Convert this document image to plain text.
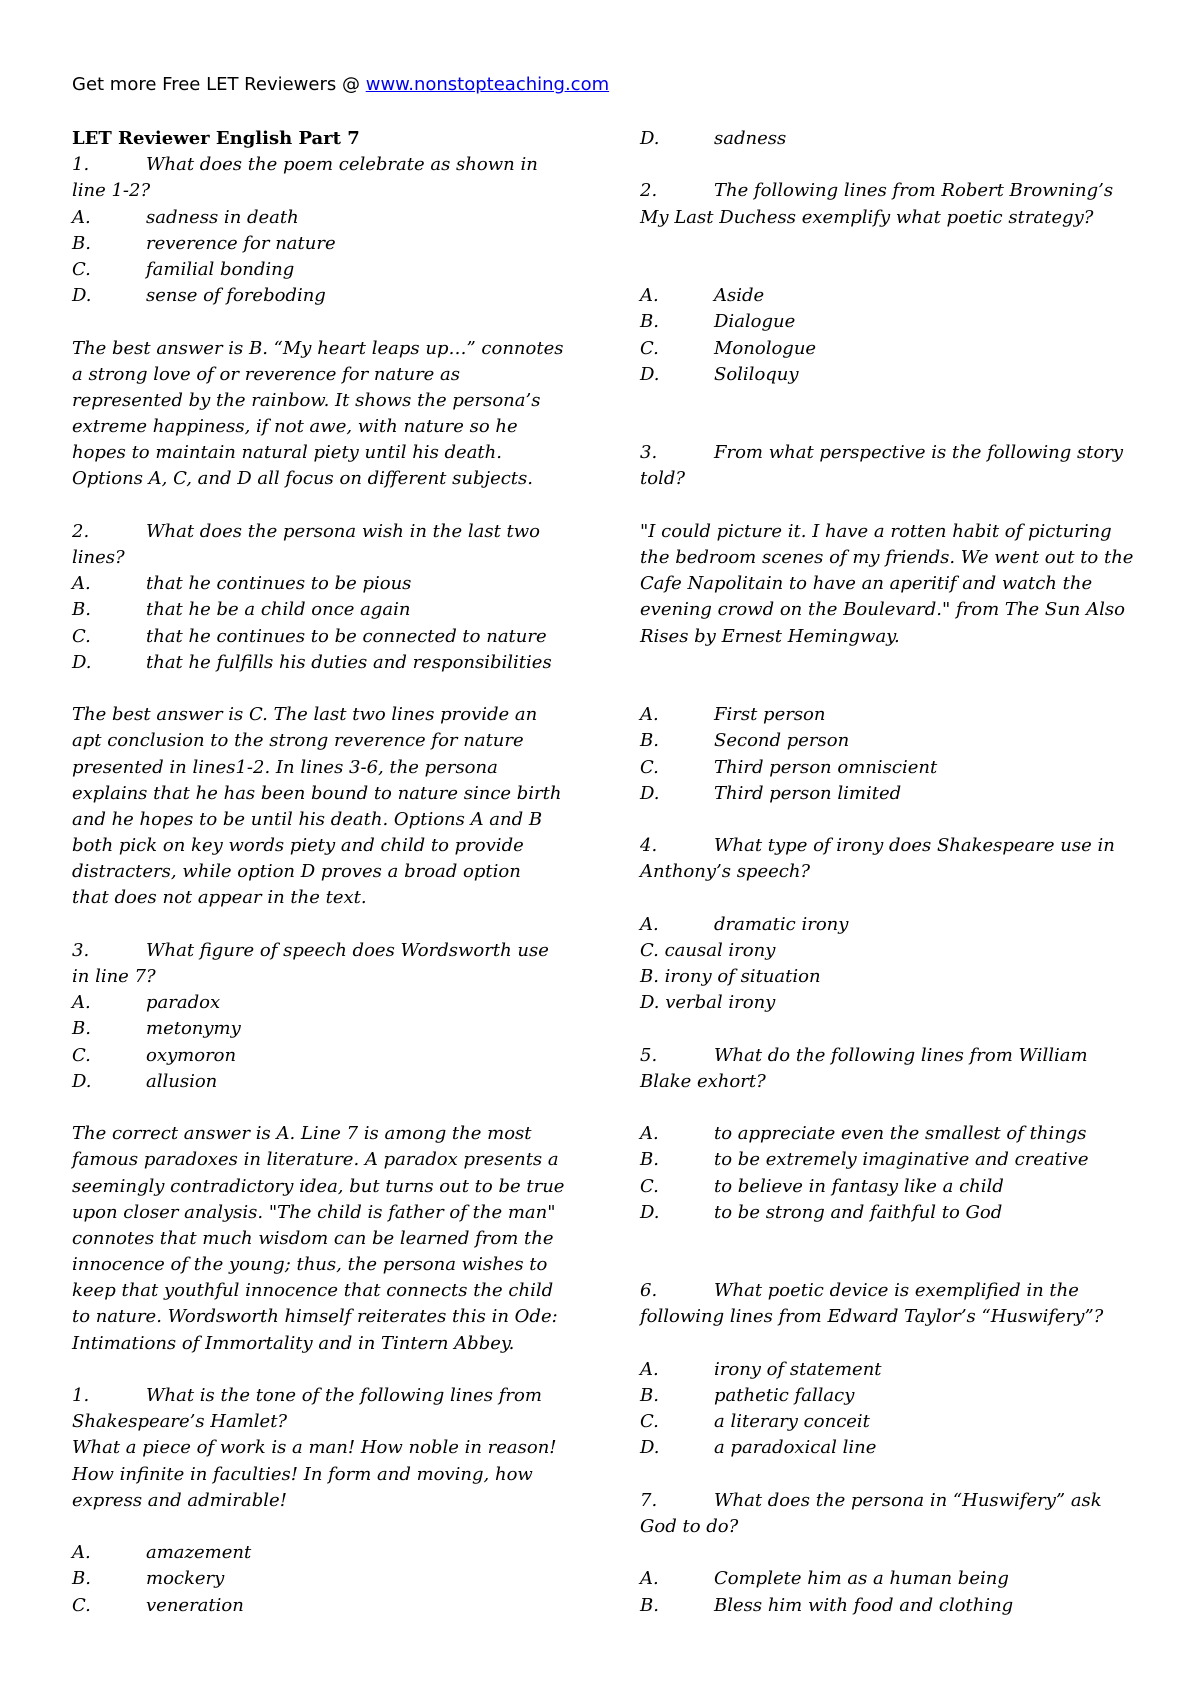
Get more Free LET Reviewers @ www.nonstopteaching.com
LET Reviewer English Part 7
1.	What does the poem celebrate as shown in
line 1-2?
A.	sadness in death
B.	reverence for nature
C.	familial bonding
D.	sense of foreboding
The best answer is B. “My heart leaps up…” connotes
a strong love of or reverence for nature as
represented by the rainbow. It shows the persona’s
extreme happiness, if not awe, with nature so he
hopes to maintain natural piety until his death.
Options A, C, and D all focus on different subjects.
2.	What does the persona wish in the last two
lines?
A.	that he continues to be pious
B.	that he be a child once again
C.	that he continues to be connected to nature
D.	that he fulfills his duties and responsibilities
The best answer is C. The last two lines provide an
apt conclusion to the strong reverence for nature
presented in lines1-2. In lines 3-6, the persona
explains that he has been bound to nature since birth
and he hopes to be until his death. Options A and B
both pick on key words piety and child to provide
distracters, while option D proves a broad option
that does not appear in the text.
3.	What figure of speech does Wordsworth use
in line 7?
A.	paradox
B.	metonymy
C.	oxymoron
D.	allusion
The correct answer is A. Line 7 is among the most
famous paradoxes in literature. A paradox presents a
seemingly contradictory idea, but turns out to be true
upon closer analysis. "The child is father of the man"
connotes that much wisdom can be learned from the
innocence of the young; thus, the persona wishes to
keep that youthful innocence that connects the child
to nature. Wordsworth himself reiterates this in Ode:
Intimations of Immortality and in Tintern Abbey.
1.	What is the tone of the following lines from
Shakespeare’s Hamlet?
What a piece of work is a man! How noble in reason!
How infinite in faculties! In form and moving, how
express and admirable!
A.	amazement
B.	mockery
C.	veneration
D.	sadness
2.	The following lines from Robert Browning’s
My Last Duchess exemplify what poetic strategy?
A.	Aside
B.	Dialogue
C.	Monologue
D.	Soliloquy
3.	From what perspective is the following story
told?
"I could picture it. I have a rotten habit of picturing
the bedroom scenes of my friends. We went out to the
Cafe Napolitain to have an aperitif and watch the
evening crowd on the Boulevard." from The Sun Also
Rises by Ernest Hemingway.
A.	First person
B.	Second person
C.	Third person omniscient
D.	Third person limited
4.	What type of irony does Shakespeare use in
Anthony’s speech?
A.	dramatic irony
C. causal irony
B. irony of situation
D. verbal irony
5.	What do the following lines from William
Blake exhort?
A.	to appreciate even the smallest of things
B.	to be extremely imaginative and creative
C.	to believe in fantasy like a child
D.	to be strong and faithful to God
6.	What poetic device is exemplified in the
following lines from Edward Taylor’s “Huswifery”?
A.	irony of statement
B.	pathetic fallacy
C.	a literary conceit
D.	a paradoxical line
7.	What does the persona in “Huswifery” ask
God to do?
A.	Complete him as a human being
B.	Bless him with food and clothing
